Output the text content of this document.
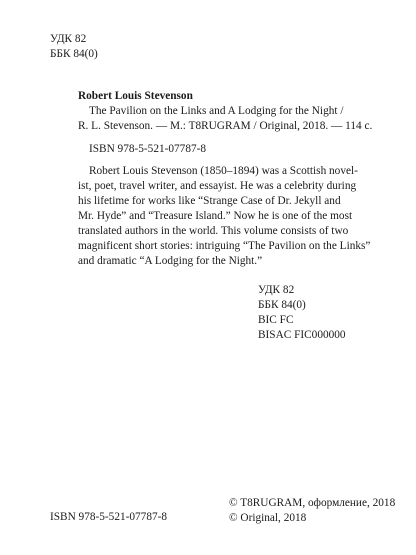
УДК 82
ББК 84(0)
Robert Louis Stevenson
The Pavilion on the Links and A Lodging for the Night /
R. L. Stevenson. — M.: T8RUGRAM / Original, 2018. — 114 c.
ISBN 978-5-521-07787-8
Robert Louis Stevenson (1850–1894) was a Scottish novel-
ist, poet, travel writer, and essayist. He was a celebrity during
his lifetime for works like “Strange Case of Dr. Jekyll and
Mr. Hyde” and “Treasure Island.” Now he is one of the most
translated authors in the world. This volume consists of two
magnificent short stories: intriguing “The Pavilion on the Links”
and dramatic “A Lodging for the Night.”
УДК 82
ББК 84(0)
BIC FC
BISAC FIC000000
ISBN 978-5-521-07787-8
© T8RUGRAM, оформление, 2018
© Original, 2018
